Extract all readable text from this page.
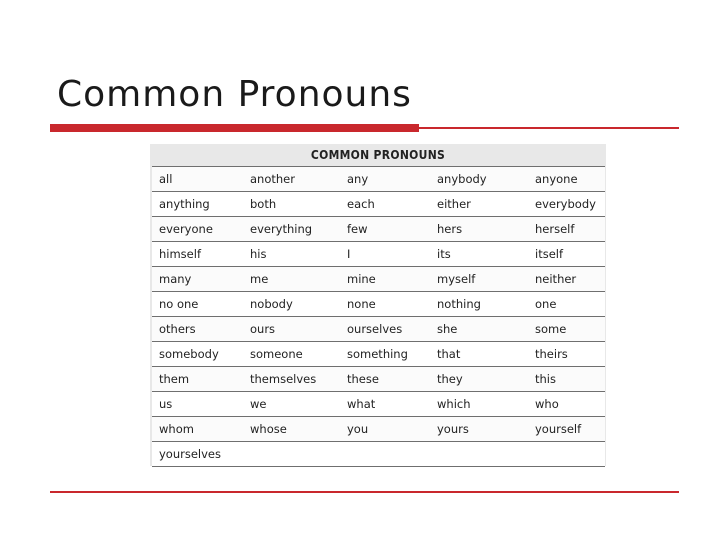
Common Pronouns
COMMON PRONOUNS
all	another	any	anybody	anyone
anything	both	each	either	everybody
everyone	everything	few	hers	herself
himself	his	I	its	itself
many	me	mine	myself	neither
no one	nobody	none	nothing	one
others	ours	ourselves	she	some
somebody	someone	something	that	theirs
them	themselves	these	they	this
us	we	what	which	who
whom	whose	you	yours	yourself
yourselves
